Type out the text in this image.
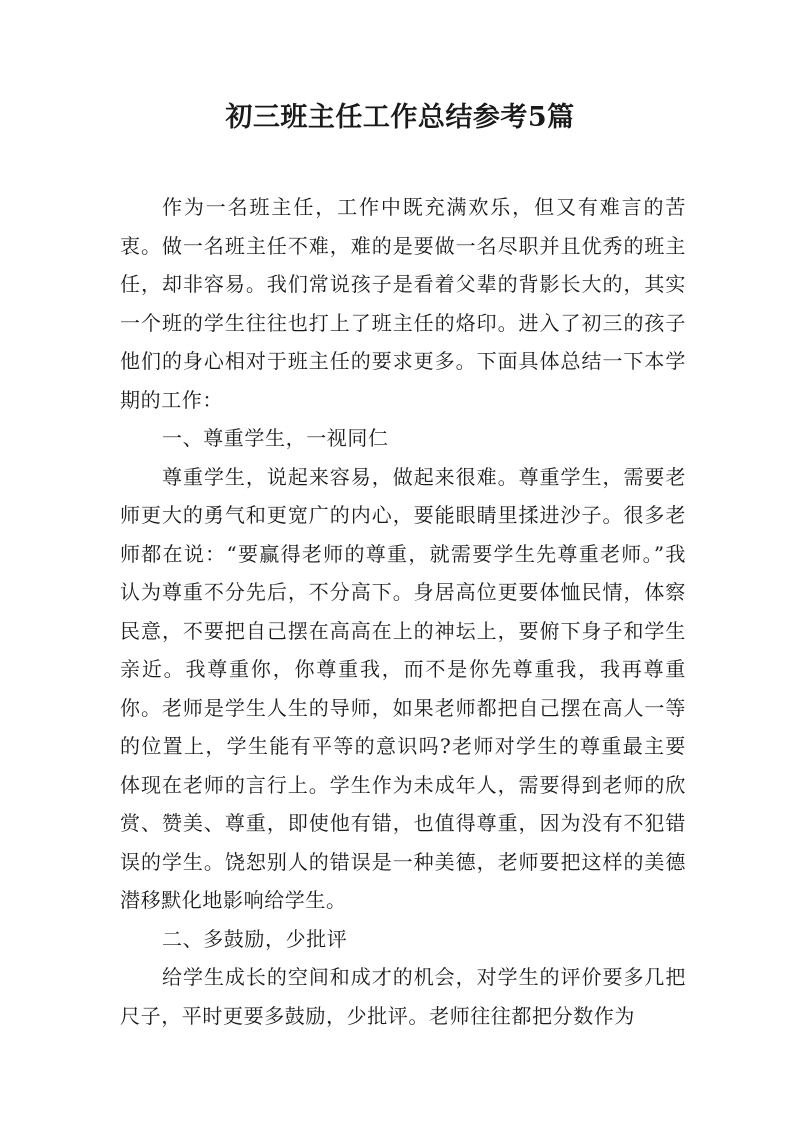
初三班主任工作总结参考5篇

作为一名班主任，工作中既充满欢乐，但又有难言的苦衷。做一名班主任不难，难的是要做一名尽职并且优秀的班主任，却非容易。我们常说孩子是看着父辈的背影长大的，其实一个班的学生往往也打上了班主任的烙印。进入了初三的孩子他们的身心相对于班主任的要求更多。下面具体总结一下本学期的工作：

一、尊重学生，一视同仁

尊重学生，说起来容易，做起来很难。尊重学生，需要老师更大的勇气和更宽广的内心，要能眼睛里揉进沙子。很多老师都在说：“要赢得老师的尊重，就需要学生先尊重老师。”我认为尊重不分先后，不分高下。身居高位更要体恤民情，体察民意，不要把自己摆在高高在上的神坛上，要俯下身子和学生亲近。我尊重你，你尊重我，而不是你先尊重我，我再尊重你。老师是学生人生的导师，如果老师都把自己摆在高人一等的位置上，学生能有平等的意识吗?老师对学生的尊重最主要体现在老师的言行上。学生作为未成年人，需要得到老师的欣赏、赞美、尊重，即使他有错，也值得尊重，因为没有不犯错误的学生。饶恕别人的错误是一种美德，老师要把这样的美德潜移默化地影响给学生。

二、多鼓励，少批评

给学生成长的空间和成才的机会，对学生的评价要多几把尺子，平时更要多鼓励，少批评。老师往往都把分数作为
